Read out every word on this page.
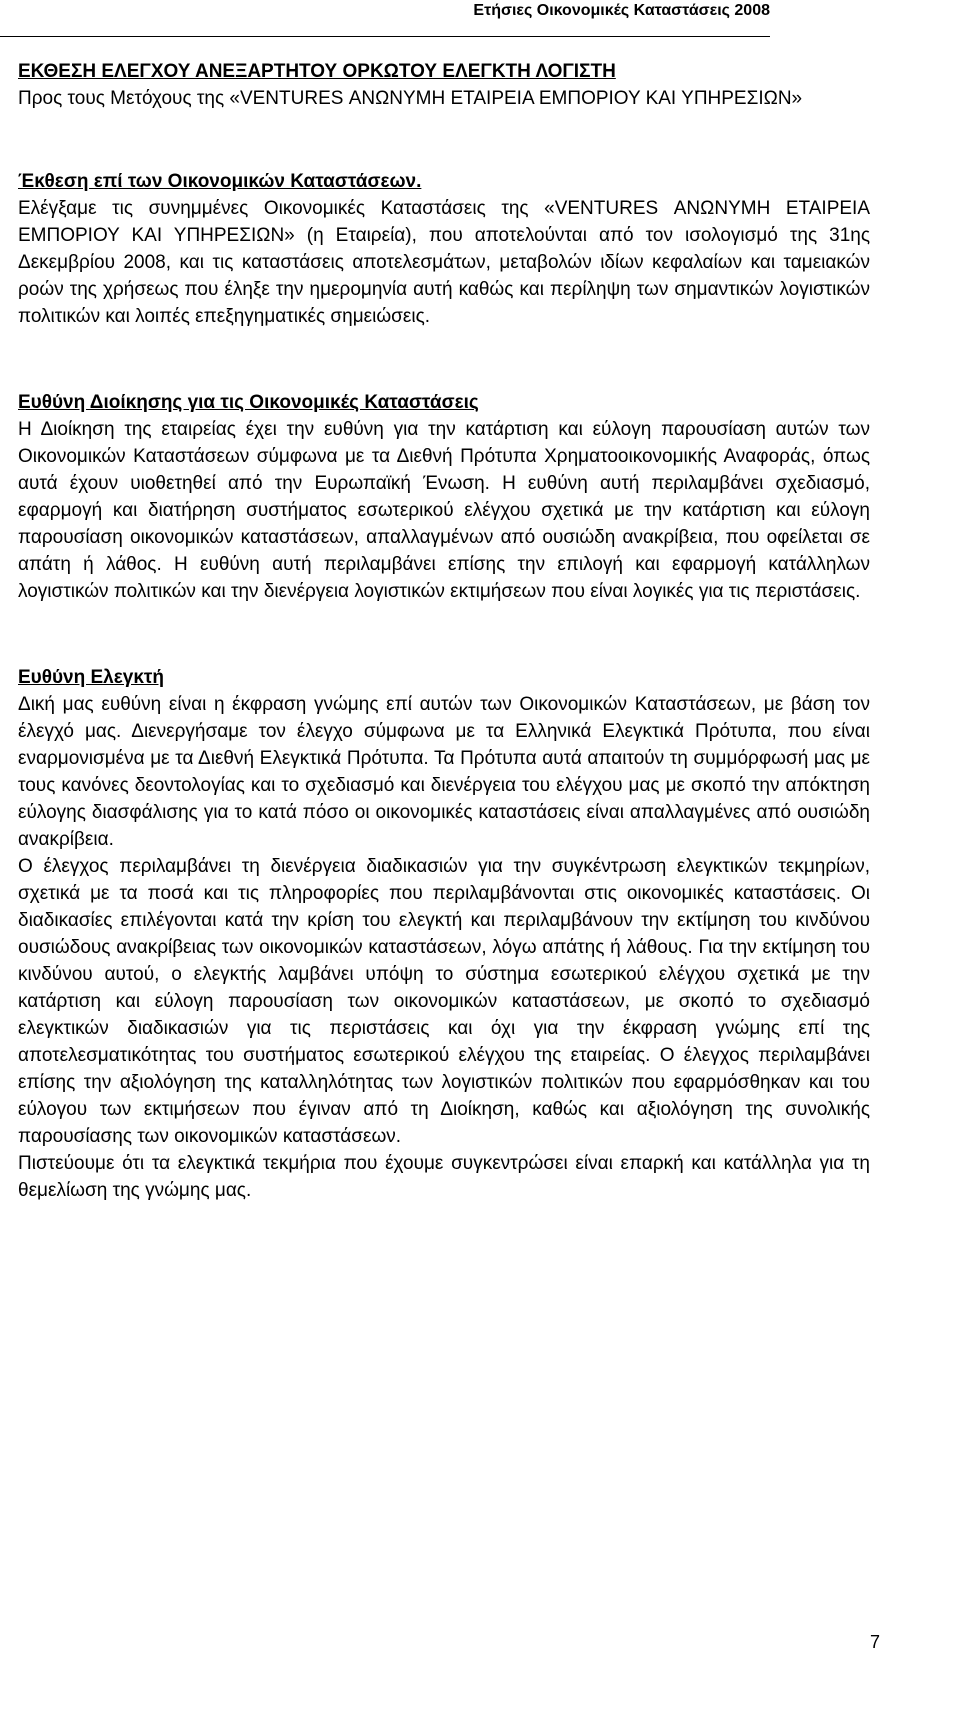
Ετήσιες Οικονομικές Καταστάσεις 2008
ΕΚΘΕΣΗ ΕΛΕΓΧΟΥ ΑΝΕΞΑΡΤΗΤΟΥ ΟΡΚΩΤΟΥ ΕΛΕΓΚΤΗ ΛΟΓΙΣΤΗ

Προς τους Μετόχους της «VENTURES ΑΝΩΝΥΜΗ ΕΤΑΙΡΕΙΑ ΕΜΠΟΡΙΟΥ ΚΑΙ ΥΠΗΡΕΣΙΩΝ»

Έκθεση επί των Οικονομικών Καταστάσεων.

Ελέγξαμε τις συνημμένες Οικονομικές Καταστάσεις της «VENTURES ΑΝΩΝΥΜΗ ΕΤΑΙΡΕΙΑ ΕΜΠΟΡΙΟΥ ΚΑΙ ΥΠΗΡΕΣΙΩΝ» (η Εταιρεία), που αποτελούνται από τον ισολογισμό της 31ης Δεκεμβρίου 2008, και τις καταστάσεις αποτελεσμάτων, μεταβολών ιδίων κεφαλαίων και ταμειακών ροών της χρήσεως που έληξε την ημερομηνία αυτή καθώς και περίληψη των σημαντικών λογιστικών πολιτικών και λοιπές επεξηγηματικές σημειώσεις.

Ευθύνη Διοίκησης για τις Οικονομικές Καταστάσεις

Η Διοίκηση της εταιρείας έχει την ευθύνη για την κατάρτιση και εύλογη παρουσίαση αυτών των Οικονομικών Καταστάσεων σύμφωνα με τα Διεθνή Πρότυπα Χρηματοοικονομικής Αναφοράς, όπως αυτά έχουν υιοθετηθεί από την Ευρωπαϊκή Ένωση. Η ευθύνη αυτή περιλαμβάνει σχεδιασμό, εφαρμογή και διατήρηση συστήματος εσωτερικού ελέγχου σχετικά με την κατάρτιση και εύλογη παρουσίαση οικονομικών καταστάσεων, απαλλαγμένων από ουσιώδη ανακρίβεια, που οφείλεται σε απάτη ή λάθος. Η ευθύνη αυτή περιλαμβάνει επίσης την επιλογή και εφαρμογή κατάλληλων λογιστικών πολιτικών και την διενέργεια λογιστικών εκτιμήσεων που είναι λογικές για τις περιστάσεις.

Ευθύνη Ελεγκτή

Δική μας ευθύνη είναι η έκφραση γνώμης επί αυτών των Οικονομικών Καταστάσεων, με βάση τον έλεγχό μας. Διενεργήσαμε τον έλεγχο σύμφωνα με τα Ελληνικά Ελεγκτικά Πρότυπα, που είναι εναρμονισμένα με τα Διεθνή Ελεγκτικά Πρότυπα. Τα Πρότυπα αυτά απαιτούν τη συμμόρφωσή μας με τους κανόνες δεοντολογίας και το σχεδιασμό και διενέργεια του ελέγχου μας με σκοπό την απόκτηση εύλογης διασφάλισης για το κατά πόσο οι οικονομικές καταστάσεις είναι απαλλαγμένες από ουσιώδη ανακρίβεια.

Ο έλεγχος περιλαμβάνει τη διενέργεια διαδικασιών για την συγκέντρωση ελεγκτικών τεκμηρίων, σχετικά με τα ποσά και τις πληροφορίες που περιλαμβάνονται στις οικονομικές καταστάσεις. Οι διαδικασίες επιλέγονται κατά την κρίση του ελεγκτή και περιλαμβάνουν την εκτίμηση του κινδύνου ουσιώδους ανακρίβειας των οικονομικών καταστάσεων, λόγω απάτης ή λάθους. Για την εκτίμηση του κινδύνου αυτού, ο ελεγκτής λαμβάνει υπόψη το σύστημα εσωτερικού ελέγχου σχετικά με την κατάρτιση και εύλογη παρουσίαση των οικονομικών καταστάσεων, με σκοπό το σχεδιασμό ελεγκτικών διαδικασιών για τις περιστάσεις και όχι για την έκφραση γνώμης επί της αποτελεσματικότητας του συστήματος εσωτερικού ελέγχου της εταιρείας. Ο έλεγχος περιλαμβάνει επίσης την αξιολόγηση της καταλληλότητας των λογιστικών πολιτικών που εφαρμόσθηκαν και του εύλογου των εκτιμήσεων που έγιναν από τη Διοίκηση, καθώς και αξιολόγηση της συνολικής παρουσίασης των οικονομικών καταστάσεων.

Πιστεύουμε ότι τα ελεγκτικά τεκμήρια που έχουμε συγκεντρώσει είναι επαρκή και κατάλληλα για τη θεμελίωση της γνώμης μας.

7
